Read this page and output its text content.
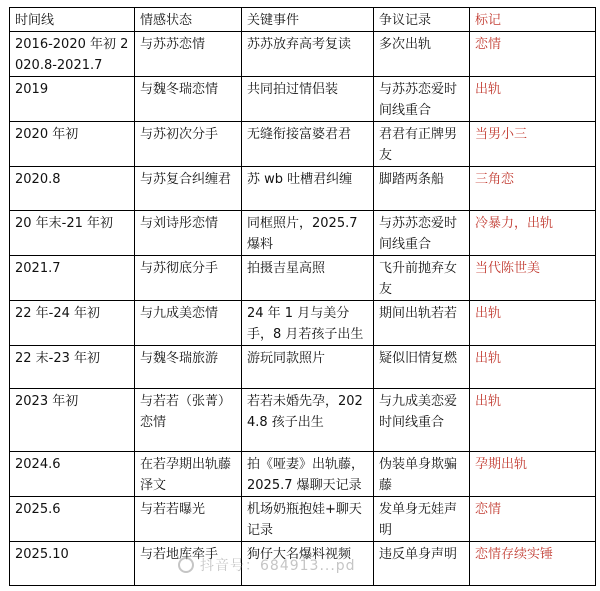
时间线	情感状态	关键事件	争议记录	标记
2016-2020 年初 2020.8-2021.7	与苏苏恋情	苏苏放弃高考复读	多次出轨	恋情
2019	与魏冬瑞恋情	共同拍过情侣装	与苏苏恋爱时间线重合	出轨
2020 年初	与苏初次分手	无缝衔接富婆君君	君君有正牌男友	当男小三
2020.8	与苏复合纠缠君	苏 wb 吐槽君纠缠	脚踏两条船	三角恋
20 年末-21 年初	与刘诗彤恋情	同框照片，2025.7 爆料	与苏苏恋爱时间线重合	冷暴力，出轨
2021.7	与苏彻底分手	拍摄吉星高照	飞升前抛弃女友	当代陈世美
22 年-24 年初	与九成美恋情	24 年 1 月与美分手，8 月若孩子出生	期间出轨若若	出轨
22 末-23 年初	与魏冬瑞旅游	游玩同款照片	疑似旧情复燃	出轨
2023 年初	与若若（张菁）恋情	若若未婚先孕，2024.8 孩子出生	与九成美恋爱时间线重合	出轨
2024.6	在若孕期出轨藤泽文	拍《哑妻》出轨藤，2025.7 爆聊天记录	伪装单身欺骗藤	孕期出轨
2025.6	与若若曝光	机场奶瓶抱娃+聊天记录	发单身无娃声明	恋情
2025.10	与若地库牵手	狗仔大名爆料视频	违反单身声明	恋情存续实锤
抖音号：684913...pd
